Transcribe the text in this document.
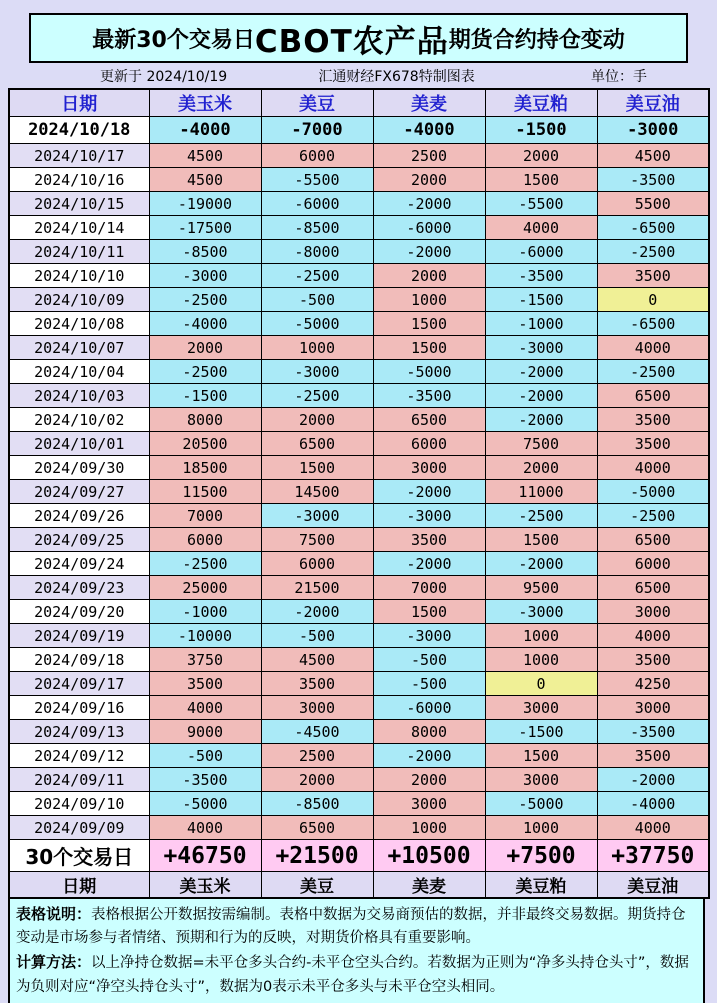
最新30个交易日 CBOT农产品 期货合约持仓变动
更新于 2024/10/19	汇通财经FX678特制图表	单位：手
日期	美玉米	美豆	美麦	美豆粕	美豆油
2024/10/18	-4000	-7000	-4000	-1500	-3000
2024/10/17	4500	6000	2500	2000	4500
2024/10/16	4500	-5500	2000	1500	-3500
2024/10/15	-19000	-6000	-2000	-5500	5500
2024/10/14	-17500	-8500	-6000	4000	-6500
2024/10/11	-8500	-8000	-2000	-6000	-2500
2024/10/10	-3000	-2500	2000	-3500	3500
2024/10/09	-2500	-500	1000	-1500	0
2024/10/08	-4000	-5000	1500	-1000	-6500
2024/10/07	2000	1000	1500	-3000	4000
2024/10/04	-2500	-3000	-5000	-2000	-2500
2024/10/03	-1500	-2500	-3500	-2000	6500
2024/10/02	8000	2000	6500	-2000	3500
2024/10/01	20500	6500	6000	7500	3500
2024/09/30	18500	1500	3000	2000	4000
2024/09/27	11500	14500	-2000	11000	-5000
2024/09/26	7000	-3000	-3000	-2500	-2500
2024/09/25	6000	7500	3500	1500	6500
2024/09/24	-2500	6000	-2000	-2000	6000
2024/09/23	25000	21500	7000	9500	6500
2024/09/20	-1000	-2000	1500	-3000	3000
2024/09/19	-10000	-500	-3000	1000	4000
2024/09/18	3750	4500	-500	1000	3500
2024/09/17	3500	3500	-500	0	4250
2024/09/16	4000	3000	-6000	3000	3000
2024/09/13	9000	-4500	8000	-1500	-3500
2024/09/12	-500	2500	-2000	1500	3500
2024/09/11	-3500	2000	2000	3000	-2000
2024/09/10	-5000	-8500	3000	-5000	-4000
2024/09/09	4000	6500	1000	1000	4000
30个交易日	+46750	+21500	+10500	+7500	+37750
日期	美玉米	美豆	美麦	美豆粕	美豆油

表格说明：表格根据公开数据按需编制。表格中数据为交易商预估的数据，并非最终交易数据。期货持仓变动是市场参与者情绪、预期和行为的反映，对期货价格具有重要影响。

计算方法：以上净持仓数据=未平仓多头合约-未平仓空头合约。若数据为正则为“净多头持仓头寸”，数据为负则对应“净空头持仓头寸”，数据为0表示未平仓多头与未平仓空头相同。
